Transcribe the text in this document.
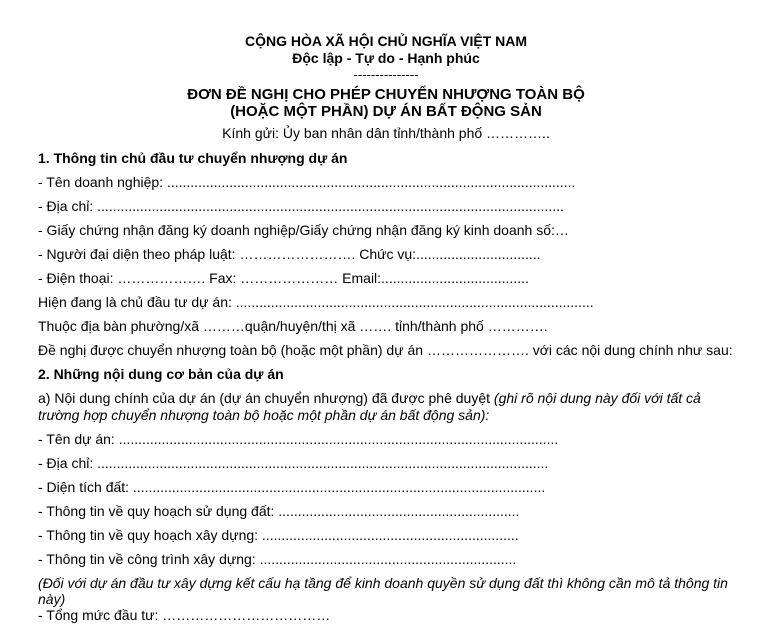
CỘNG HÒA XÃ HỘI CHỦ NGHĨA VIỆT NAM
Độc lập - Tự do - Hạnh phúc
---------------
ĐƠN ĐỀ NGHỊ CHO PHÉP CHUYỂN NHƯỢNG TOÀN BỘ
(HOẶC MỘT PHẦN) DỰ ÁN BẤT ĐỘNG SẢN
Kính gửi: Ủy ban nhân dân tỉnh/thành phố …………..

1. Thông tin chủ đầu tư chuyển nhượng dự án

- Tên doanh nghiệp: .........................................................................................................

- Địa chỉ: ........................................................................................................................

- Giấy chứng nhận đăng ký doanh nghiệp/Giấy chứng nhận đăng ký kinh doanh số:…

- Người đại diện theo pháp luật: ……………………. Chức vụ:................................

- Điện thoại: ………………. Fax: ………………… Email:......................................

Hiện đang là chủ đầu tư dự án: ............................................................................................

Thuộc địa bàn phường/xã ………quận/huyện/thị xã ……. tỉnh/thành phố ………….

Đề nghị được chuyển nhượng toàn bộ (hoặc một phần) dự án …………………. với các nội dung chính như sau:

2. Những nội dung cơ bản của dự án

a) Nội dung chính của dự án (dự án chuyển nhượng) đã được phê duyệt (ghi rõ nội dung này đối với tất cả trường hợp chuyển nhượng toàn bộ hoặc một phần dự án bất động sản):

- Tên dự án: .................................................................................................................

- Địa chỉ: ....................................................................................................................

- Diện tích đất: ..........................................................................................................

- Thông tin về quy hoạch sử dụng đất: ..............................................................

- Thông tin về quy hoạch xây dựng: ..................................................................

- Thông tin về công trình xây dựng: ..................................................................

(Đối với dự án đầu tư xây dựng kết cấu hạ tầng để kinh doanh quyền sử dụng đất thì không cần mô tả thông tin này)

- Tổng mức đầu tư: ………………………………
